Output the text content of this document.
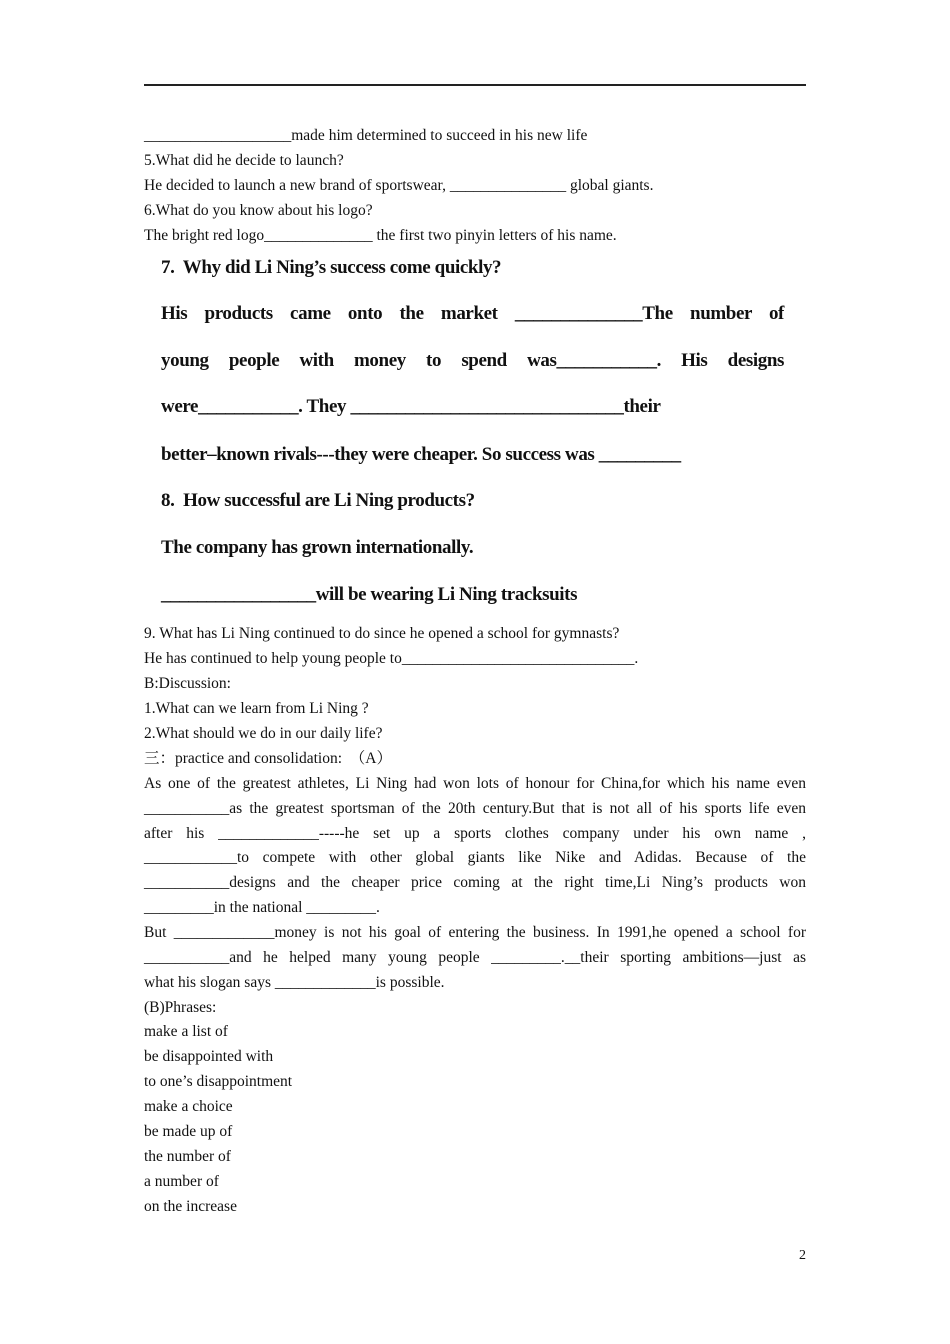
___________________made him determined to succeed in his new life
5.What did he decide to launch?
He decided to launch a new brand of sportswear, _______________ global giants.
6.What do you know about his logo?
The bright red logo______________ the first two pinyin letters of his name.
7.  Why did Li Ning’s success come quickly?
His products came onto the market ______________The number of
young people with money to spend was___________. His designs
were___________. They ______________________________their
better–known rivals---they were cheaper. So success was _________
8.  How successful are Li Ning products?
The company has grown internationally.
_________________will be wearing Li Ning tracksuits
9. What has Li Ning continued to do since he opened a school for gymnasts?
He has continued to help young people to______________________________.
B:Discussion:
1.What can we learn from Li Ning ?
2.What should we do in our daily life?
三：practice and consolidation:  （A）
As one of the greatest athletes, Li Ning had won lots of honour for China,for which his name even
___________as the greatest sportsman of the 20th century.But that is not all of his sports life even
after his _____________-----he set up a sports clothes company under his own name ,
____________to compete with other global giants like Nike and Adidas. Because of the
___________designs and the cheaper price coming at the right time,Li Ning’s products won
_________in the national _________.
But _____________money is not his goal of entering the business. In 1991,he opened a school for
___________and he helped many young people _________.__their sporting ambitions—just as
what his slogan says _____________is possible.
(B)Phrases:
make a list of
be disappointed with
to one’s disappointment
make a choice
be made up of
the number of
a number of
on the increase
2
